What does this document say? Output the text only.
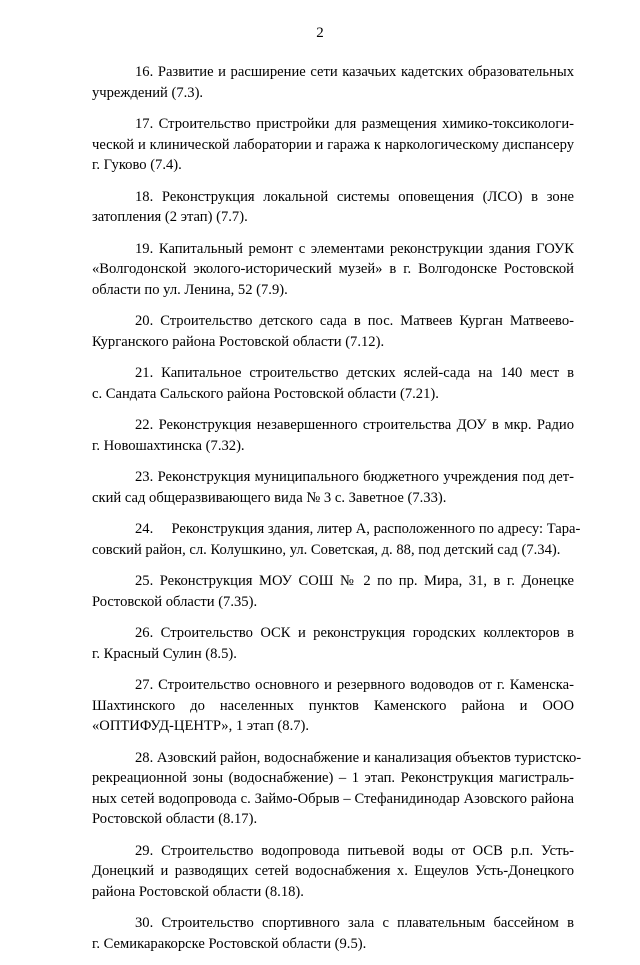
2
16. Развитие и расширение сети казачьих кадетских образовательных
учреждений (7.3).
17. Строительство пристройки для размещения химико-токсикологи-
ческой и клинической лаборатории и гаража к наркологическому диспансеру
г. Гуково (7.4).
18. Реконструкция локальной системы оповещения (ЛСО) в зоне
затопления (2 этап) (7.7).
19. Капитальный ремонт с элементами реконструкции здания ГОУК
«Волгодонской эколого-исторический музей» в г. Волгодонске Ростовской
области по ул. Ленина, 52 (7.9).
20. Строительство детского сада в пос. Матвеев Курган Матвеево-
Курганского района Ростовской области (7.12).
21. Капитальное строительство детских яслей-сада на 140 мест в
с. Сандата Сальского района Ростовской области (7.21).
22. Реконструкция незавершенного строительства ДОУ в мкр. Радио
г. Новошахтинска (7.32).
23. Реконструкция муниципального бюджетного учреждения под дет-
ский сад общеразвивающего вида № 3 с. Заветное (7.33).
24.     Реконструкция здания, литер А, расположенного по адресу: Тара-
совский район, сл. Колушкино, ул. Советская, д. 88, под детский сад (7.34).
25. Реконструкция МОУ СОШ № 2 по пр. Мира, 31, в г. Донецке
Ростовской области (7.35).
26. Строительство ОСК и реконструкция городских коллекторов в
г. Красный Сулин (8.5).
27. Строительство основного и резервного водоводов от г. Каменска-
Шахтинского до населенных пунктов Каменского района и ООО
«ОПТИФУД-ЦЕНТР», 1 этап (8.7).
28. Азовский район, водоснабжение и канализация объектов туристско-
рекреационной зоны (водоснабжение) – 1 этап. Реконструкция магистраль-
ных сетей водопровода с. Займо-Обрыв – Стефанидинодар Азовского района
Ростовской области (8.17).
29. Строительство водопровода питьевой воды от ОСВ р.п. Усть-
Донецкий и разводящих сетей водоснабжения х. Ещеулов Усть-Донецкого
района Ростовской области (8.18).
30. Строительство спортивного зала с плавательным бассейном в
г. Семикаракорске Ростовской области (9.5).
